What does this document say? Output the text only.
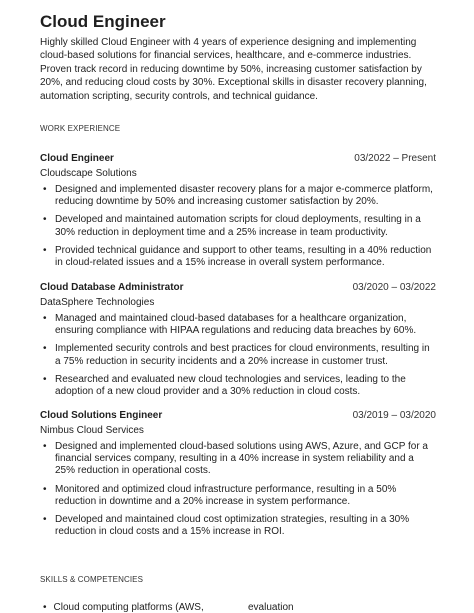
Cloud Engineer

Highly skilled Cloud Engineer with 4 years of experience designing and implementing cloud-based solutions for financial services, healthcare, and e-commerce industries. Proven track record in reducing downtime by 50%, increasing customer satisfaction by 20%, and reducing cloud costs by 30%. Exceptional skills in disaster recovery planning, automation scripting, security controls, and technical guidance.

WORK EXPERIENCE
Cloud Engineer	03/2022 – Present
Cloudscape Solutions
• Designed and implemented disaster recovery plans for a major e-commerce platform, reducing downtime by 50% and increasing customer satisfaction by 20%.
• Developed and maintained automation scripts for cloud deployments, resulting in a 30% reduction in deployment time and a 25% increase in team productivity.
• Provided technical guidance and support to other teams, resulting in a 40% reduction in cloud-related issues and a 15% increase in overall system performance.
Cloud Database Administrator	03/2020 – 03/2022
DataSphere Technologies
• Managed and maintained cloud-based databases for a healthcare organization, ensuring compliance with HIPAA regulations and reducing data breaches by 60%.
• Implemented security controls and best practices for cloud environments, resulting in a 75% reduction in security incidents and a 20% increase in customer trust.
• Researched and evaluated new cloud technologies and services, leading to the adoption of a new cloud provider and a 30% reduction in cloud costs.
Cloud Solutions Engineer	03/2019 – 03/2020
Nimbus Cloud Services
• Designed and implemented cloud-based solutions using AWS, Azure, and GCP for a financial services company, resulting in a 40% increase in system reliability and a 25% reduction in operational costs.
• Monitored and optimized cloud infrastructure performance, resulting in a 50% reduction in downtime and a 20% increase in system performance.
• Developed and maintained cloud cost optimization strategies, resulting in a 30% reduction in cloud costs and a 15% increase in ROI.
SKILLS & COMPETENCIES
• Cloud computing platforms (AWS,	evaluation
